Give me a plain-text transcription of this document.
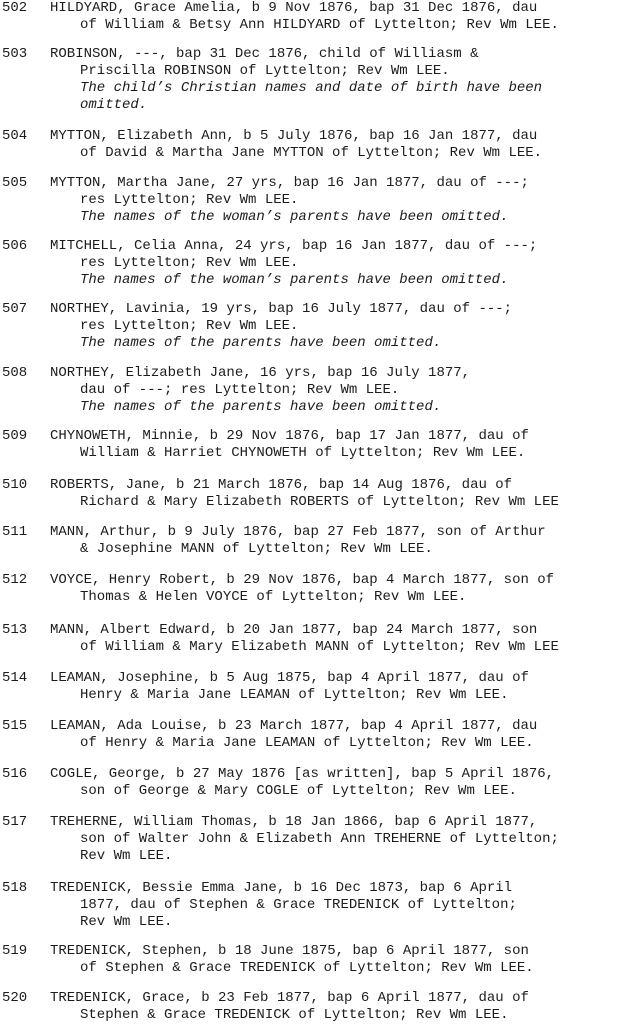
502 HILDYARD, Grace Amelia, b 9 Nov 1876, bap 31 Dec 1876, dau
of William & Betsy Ann HILDYARD of Lyttelton; Rev Wm LEE.
503 ROBINSON, ---, bap 31 Dec 1876, child of Williasm &
Priscilla ROBINSON of Lyttelton; Rev Wm LEE.
The child’s Christian names and date of birth have been
omitted.
504 MYTTON, Elizabeth Ann, b 5 July 1876, bap 16 Jan 1877, dau
of David & Martha Jane MYTTON of Lyttelton; Rev Wm LEE.
505 MYTTON, Martha Jane, 27 yrs, bap 16 Jan 1877, dau of ---;
res Lyttelton; Rev Wm LEE.
The names of the woman’s parents have been omitted.
506 MITCHELL, Celia Anna, 24 yrs, bap 16 Jan 1877, dau of ---;
res Lyttelton; Rev Wm LEE.
The names of the woman’s parents have been omitted.
507 NORTHEY, Lavinia, 19 yrs, bap 16 July 1877, dau of ---;
res Lyttelton; Rev Wm LEE.
The names of the parents have been omitted.
508 NORTHEY, Elizabeth Jane, 16 yrs, bap 16 July 1877,
dau of ---; res Lyttelton; Rev Wm LEE.
The names of the parents have been omitted.
509 CHYNOWETH, Minnie, b 29 Nov 1876, bap 17 Jan 1877, dau of
William & Harriet CHYNOWETH of Lyttelton; Rev Wm LEE.
510 ROBERTS, Jane, b 21 March 1876, bap 14 Aug 1876, dau of
Richard & Mary Elizabeth ROBERTS of Lyttelton; Rev Wm LEE
511 MANN, Arthur, b 9 July 1876, bap 27 Feb 1877, son of Arthur
& Josephine MANN of Lyttelton; Rev Wm LEE.
512 VOYCE, Henry Robert, b 29 Nov 1876, bap 4 March 1877, son of
Thomas & Helen VOYCE of Lyttelton; Rev Wm LEE.
513 MANN, Albert Edward, b 20 Jan 1877, bap 24 March 1877, son
of William & Mary Elizabeth MANN of Lyttelton; Rev Wm LEE
514 LEAMAN, Josephine, b 5 Aug 1875, bap 4 April 1877, dau of
Henry & Maria Jane LEAMAN of Lyttelton; Rev Wm LEE.
515 LEAMAN, Ada Louise, b 23 March 1877, bap 4 April 1877, dau
of Henry & Maria Jane LEAMAN of Lyttelton; Rev Wm LEE.
516 COGLE, George, b 27 May 1876 [as written], bap 5 April 1876,
son of George & Mary COGLE of Lyttelton; Rev Wm LEE.
517 TREHERNE, William Thomas, b 18 Jan 1866, bap 6 April 1877,
son of Walter John & Elizabeth Ann TREHERNE of Lyttelton;
Rev Wm LEE.
518 TREDENICK, Bessie Emma Jane, b 16 Dec 1873, bap 6 April
1877, dau of Stephen & Grace TREDENICK of Lyttelton;
Rev Wm LEE.
519 TREDENICK, Stephen, b 18 June 1875, bap 6 April 1877, son
of Stephen & Grace TREDENICK of Lyttelton; Rev Wm LEE.
520 TREDENICK, Grace, b 23 Feb 1877, bap 6 April 1877, dau of
Stephen & Grace TREDENICK of Lyttelton; Rev Wm LEE.
